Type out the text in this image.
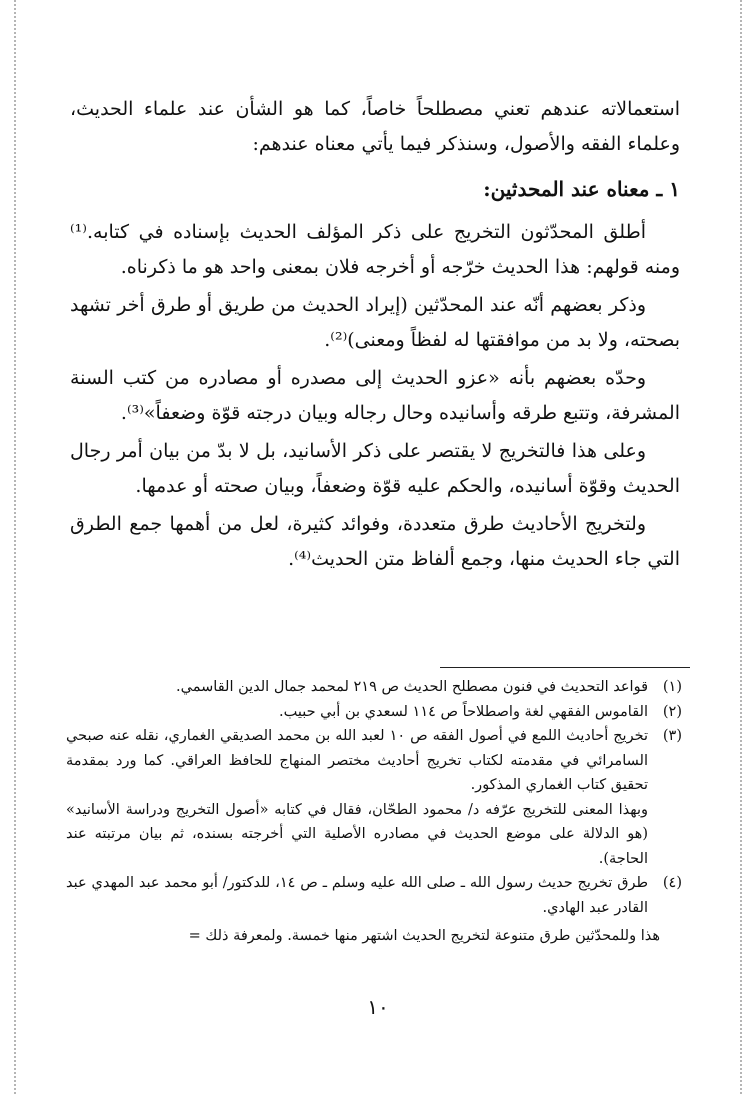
استعمالاته عندهم تعني مصطلحاً خاصاً، كما هو الشأن عند علماء الحديث، وعلماء الفقه والأصول، وسنذكر فيما يأتي معناه عندهم:

١ ـ معناه عند المحدثين:

أطلق المحدّثون التخريج على ذكر المؤلف الحديث بإسناده في كتابه.⁽¹⁾ ومنه قولهم: هذا الحديث خرّجه أو أخرجه فلان بمعنى واحد هو ما ذكرناه.

وذكر بعضهم أنّه عند المحدّثين (إيراد الحديث من طريق أو طرق أخر تشهد بصحته، ولا بد من موافقتها له لفظاً ومعنى)⁽²⁾.

وحدّه بعضهم بأنه «عزو الحديث إلى مصدره أو مصادره من كتب السنة المشرفة، وتتبع طرقه وأسانيده وحال رجاله وبيان درجته قوّة وضعفاً»⁽³⁾.

وعلى هذا فالتخريج لا يقتصر على ذكر الأسانيد، بل لا بدّ من بيان أمر رجال الحديث وقوّة أسانيده، والحكم عليه قوّة وضعفاً، وبيان صحته أو عدمها.

ولتخريج الأحاديث طرق متعددة، وفوائد كثيرة، لعل من أهمها جمع الطرق التي جاء الحديث منها، وجمع ألفاظ متن الحديث⁽⁴⁾.

(١)
قواعد التحديث في فنون مصطلح الحديث ص ٢١٩ لمحمد جمال الدين القاسمي.
(٢)
القاموس الفقهي لغة واصطلاحاً ص ١١٤ لسعدي بن أبي حبيب.
(٣)
تخريج أحاديث اللمع في أصول الفقه ص ١٠ لعبد الله بن محمد الصديقي الغماري، نقله عنه صبحي السامرائي في مقدمته لكتاب تخريج أحاديث مختصر المنهاج للحافظ العراقي. كما ورد بمقدمة تحقيق كتاب الغماري المذكور.

وبهذا المعنى للتخريج عرّفه د/ محمود الطحّان، فقال في كتابه «أصول التخريج ودراسة الأسانيد» (هو الدلالة على موضع الحديث في مصادره الأصلية التي أخرجته بسنده، ثم بيان مرتبته عند الحاجة).

(٤)
طرق تخريج حديث رسول الله ـ صلى الله عليه وسلم ـ ص ١٤، للدكتور/ أبو محمد عبد المهدي عبد القادر عبد الهادي.

هذا وللمحدّثين طرق متنوعة لتخريج الحديث اشتهر منها خمسة. ولمعرفة ذلك =

١٠
